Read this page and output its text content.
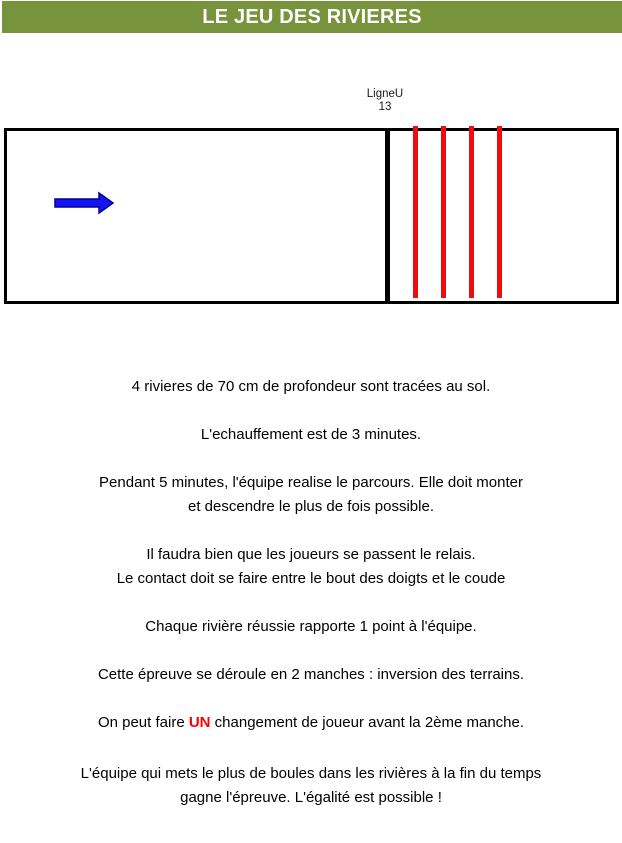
LE JEU DES RIVIERES
LigneU
13

4 rivieres de 70 cm de profondeur sont tracées au sol.

L'echauffement est de 3 minutes.

Pendant 5 minutes, l'équipe realise le parcours. Elle doit monter
et descendre le plus de fois possible.

Il faudra bien que les joueurs se passent le relais.
Le contact doit se faire entre le bout des doigts et le coude

Chaque rivière réussie rapporte 1 point à l'équipe.

Cette épreuve se déroule en 2 manches : inversion des terrains.

On peut faire UN changement de joueur avant la 2ème manche.

L'équipe qui mets le plus de boules dans les rivières à la fin du temps
gagne l'épreuve. L'égalité est possible !
